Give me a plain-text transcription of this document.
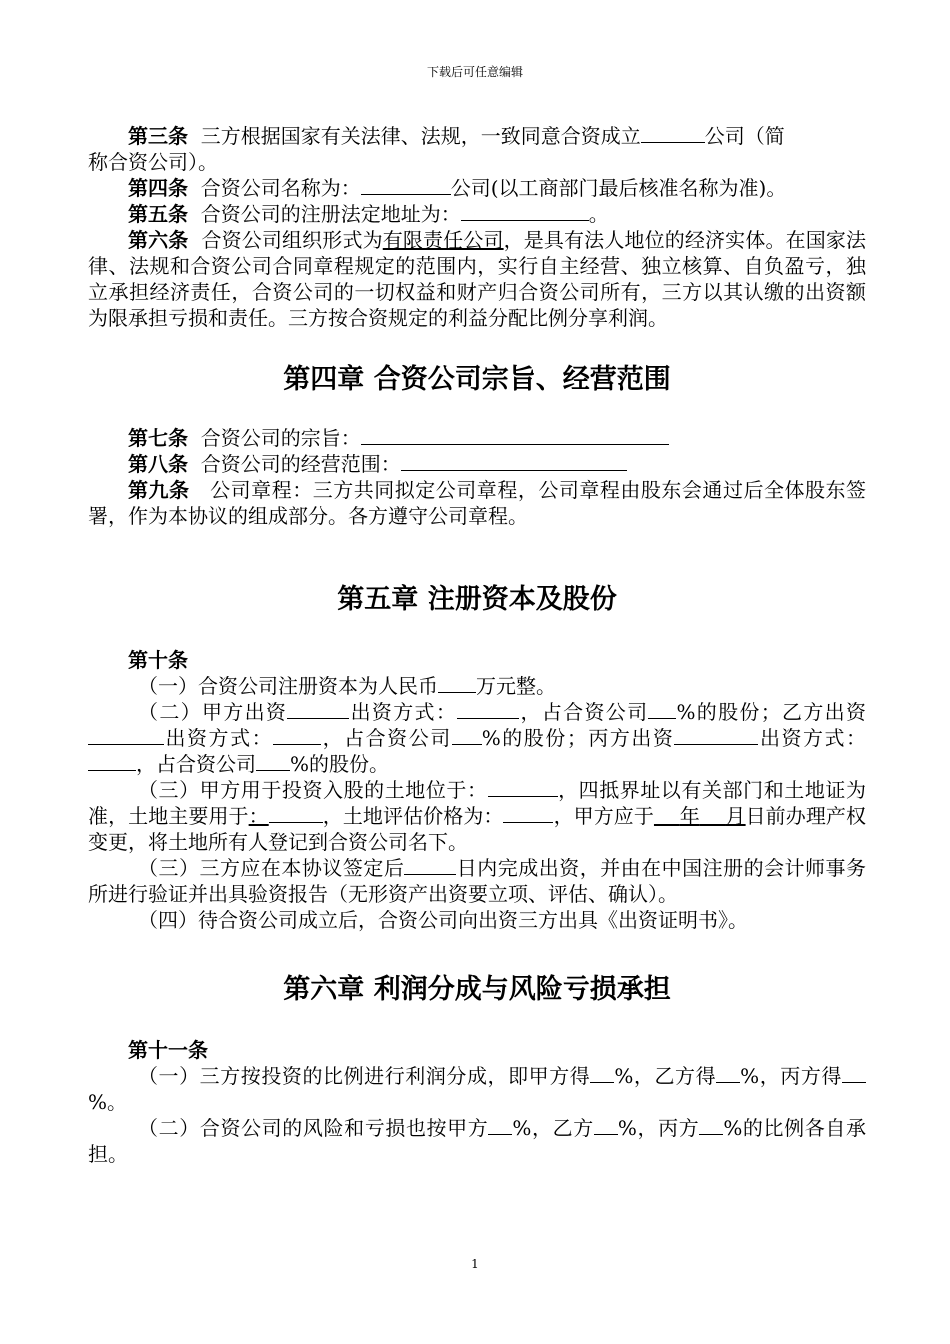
下载后可任意编辑

第三条 三方根据国家有关法律、法规，一致同意合资成立	公司（简
称合资公司）。

第四条 合资公司名称为：	公司(以工商部门最后核准名称为准)。

第五条 合资公司的注册法定地址为：	。

第六条 合资公司组织形式为有限责任公司，是具有法人地位的经济实体。在国家法律、法规和合资公司合同章程规定的范围内，实行自主经营、独立核算、自负盈亏，独立承担经济责任，合资公司的一切权益和财产归合资公司所有，三方以其认缴的出资额为限承担亏损和责任。三方按合资规定的利益分配比例分享利润。

第四章 合资公司宗旨、经营范围

第七条 合资公司的宗旨：

第八条 合资公司的经营范围：

第九条 公司章程：三方共同拟定公司章程，公司章程由股东会通过后全体股东签署，作为本协议的组成部分。各方遵守公司章程。

第五章 注册资本及股份

第十条

（一）合资公司注册资本为人民币 万元整。

（二）甲方出资	出资方式：	，占合资公司 %的股份；乙方出资出资方式： ，占合资公司 %的股份；丙方出资	出资方式：，占合资公司 %的股份。

（三）甲方用于投资入股的土地位于：	，四抵界址以有关部门和土地证为准，土地主要用于：	，土地评估价格为：	，甲方应于 年 月日前办理产权变更，将土地所有人登记到合资公司名下。

（三）三方应在本协议签定后	日内完成出资，并由在中国注册的会计师事务所进行验证并出具验资报告（无形资产出资要立项、评估、确认）。

（四）待合资公司成立后，合资公司向出资三方出具《出资证明书》。

第六章 利润分成与风险亏损承担

第十一条

（一）三方按投资的比例进行利润分成，即甲方得 %，乙方得 %，丙方得%。

（二）合资公司的风险和亏损也按甲方 %，乙方 %，丙方 %的比例各自承担。

1
